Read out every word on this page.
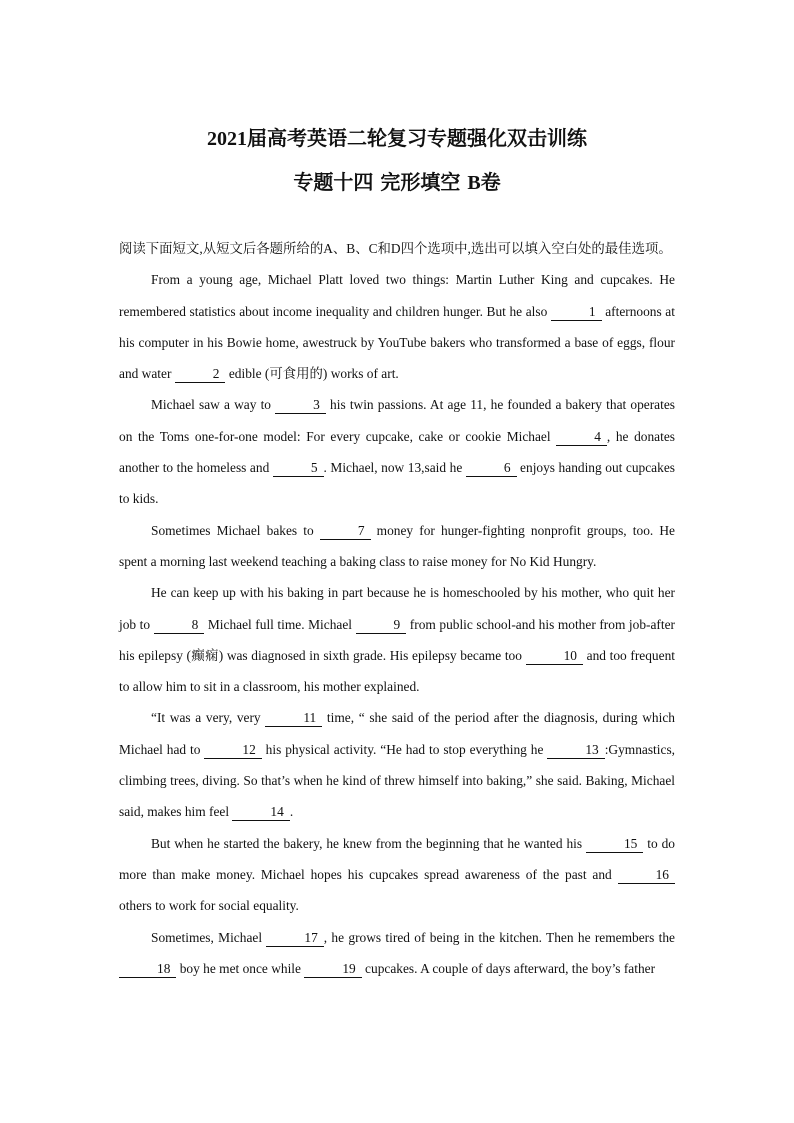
2021届高考英语二轮复习专题强化双击训练
专题十四 完形填空 B卷

阅读下面短文,从短文后各题所给的A、B、C和D四个选项中,选出可以填入空白处的最佳选项。

From a young age, Michael Platt loved two things: Martin Luther King and cupcakes. He remembered statistics about income inequality and children hunger. But he also	1 afternoons at his computer in his Bowie home, awestruck by YouTube bakers who transformed a base of eggs, flour and water	2 edible (可食用的) works of art.

Michael saw a way to	3 his twin passions. At age 11, he founded a bakery that operates on the Toms one-for-one model: For every cupcake, cake or cookie Michael	4 , he donates another to the homeless and	5 . Michael, now 13,said he	6 enjoys handing out cupcakes to kids.

Sometimes Michael bakes to	7 money for hunger-fighting nonprofit groups, too. He spent a morning last weekend teaching a baking class to raise money for No Kid Hungry.

He can keep up with his baking in part because he is homeschooled by his mother, who quit her job to	8 Michael full time. Michael	9 from public school-and his mother from job-after his epilepsy (癫痫) was diagnosed in sixth grade. His epilepsy became too	10 and too frequent to allow him to sit in a classroom, his mother explained.

“It was a very, very	11 time, “ she said of the period after the diagnosis, during which Michael had to	12 his physical activity. “He had to stop everything he	13 :Gymnastics, climbing trees, diving. So that’s when he kind of threw himself into baking,” she said. Baking, Michael said, makes him feel	14 .

But when he started the bakery, he knew from the beginning that he wanted his	15 to do more than make money. Michael hopes his cupcakes spread awareness of the past and	16 others to work for social equality.

Sometimes, Michael	17 , he grows tired of being in the kitchen. Then he remembers the 18 boy he met once while	19 cupcakes. A couple of days afterward, the boy’s father
